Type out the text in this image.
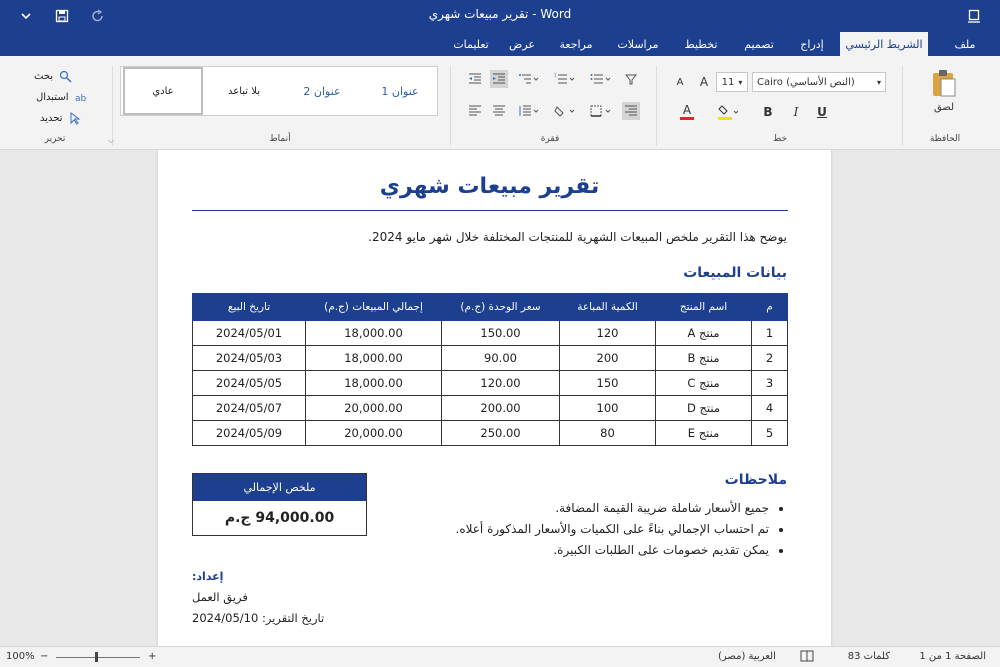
تقرير مبيعات شهري - Word
ملف
الشريط الرئيسي
إدراج
تصميم
تخطيط
مراسلات
مراجعة
عرض
تعليمات
لصق
الحافظة
Cairo (النص الأساسي)	▾
11 ▾
A
A
U
I
B
A
خط
1
فقرة
عنوان 1
عنوان 2
بلا تباعد
عادي
أنماط
بحث
استبدال ab
تحديد
تحرير	⌵
تقرير مبيعات شهري
يوضح هذا التقرير ملخص المبيعات الشهرية للمنتجات المختلفة خلال شهر مايو 2024.
بيانات المبيعات
م	اسم المنتج	الكمية المباعة	سعر الوحدة (ج.م)	إجمالي المبيعات (ج.م)	تاريخ البيع
1	منتج A	120	150.00	18,000.00	2024/05/01
2	منتج B	200	90.00	18,000.00	2024/05/03
3	منتج C	150	120.00	18,000.00	2024/05/05
4	منتج D	100	200.00	20,000.00	2024/05/07
5	منتج E	80	250.00	20,000.00	2024/05/09
ملخص الإجمالي
94,000.00 ج.م
ملاحظات
• جميع الأسعار شاملة ضريبة القيمة المضافة.
• تم احتساب الإجمالي بناءً على الكميات والأسعار المذكورة أعلاه.
• يمكن تقديم خصومات على الطلبات الكبيرة.
إعداد:
فريق العمل
تاريخ التقرير: 2024/05/10
الصفحة 1 من 1
كلمات 83
العربية (مصر)
+
−
100%
